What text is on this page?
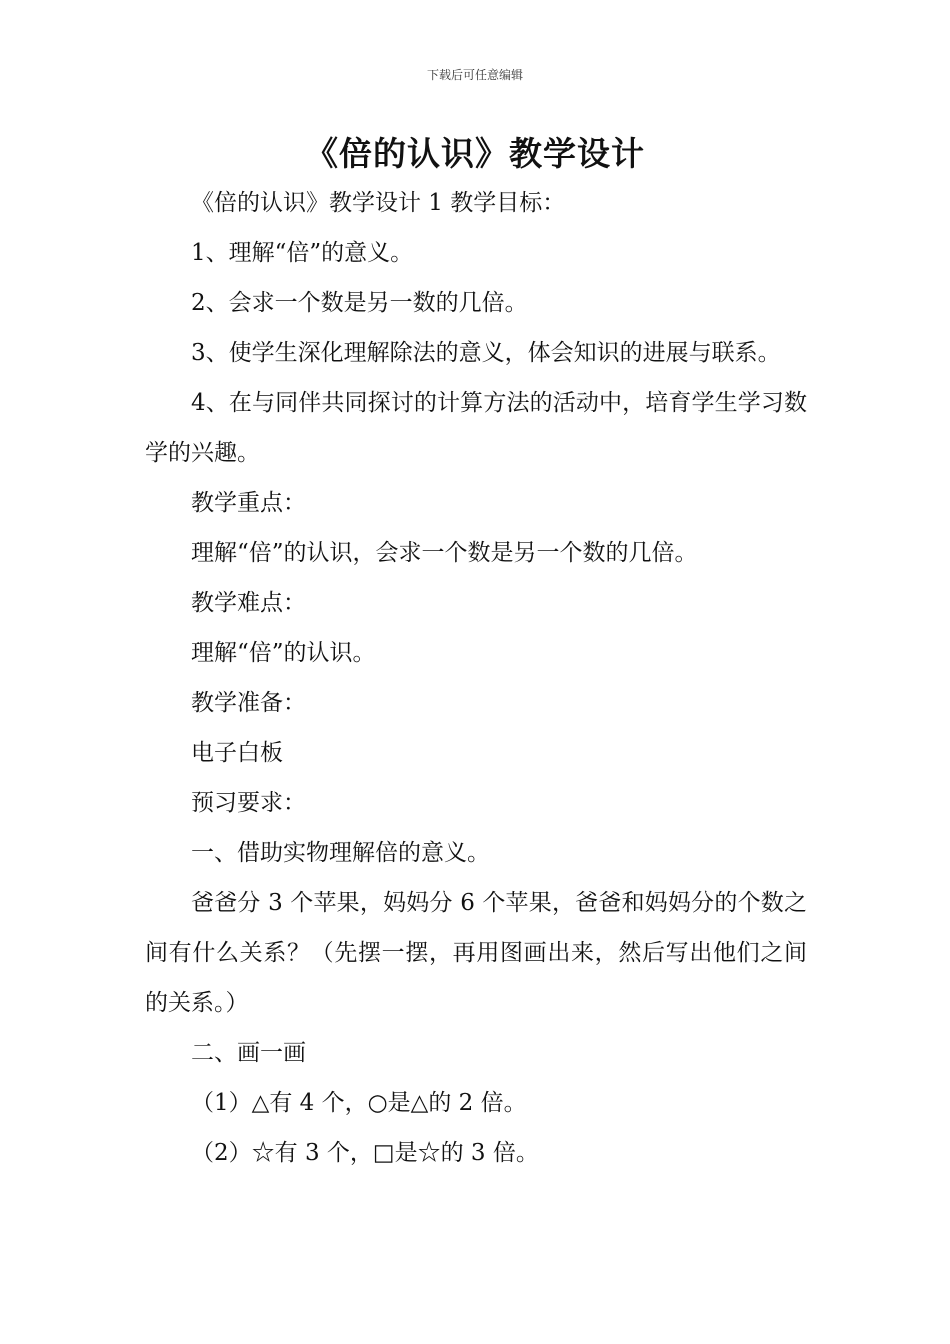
下载后可任意编辑
《倍的认识》教学设计

《倍的认识》教学设计 1 教学目标：

1、理解“倍”的意义。

2、会求一个数是另一数的几倍。

3、使学生深化理解除法的意义，体会知识的进展与联系。

4、在与同伴共同探讨的计算方法的活动中，培育学生学习数学的兴趣。

教学重点：

理解“倍”的认识，会求一个数是另一个数的几倍。

教学难点：

理解“倍”的认识。

教学准备：

电子白板

预习要求：

一、借助实物理解倍的意义。

爸爸分 3 个苹果，妈妈分 6 个苹果，爸爸和妈妈分的个数之间有什么关系？（先摆一摆，再用图画出来，然后写出他们之间的关系。）

二、画一画

（1）△有 4 个，○是△的 2 倍。

（2）☆有 3 个，□是☆的 3 倍。
